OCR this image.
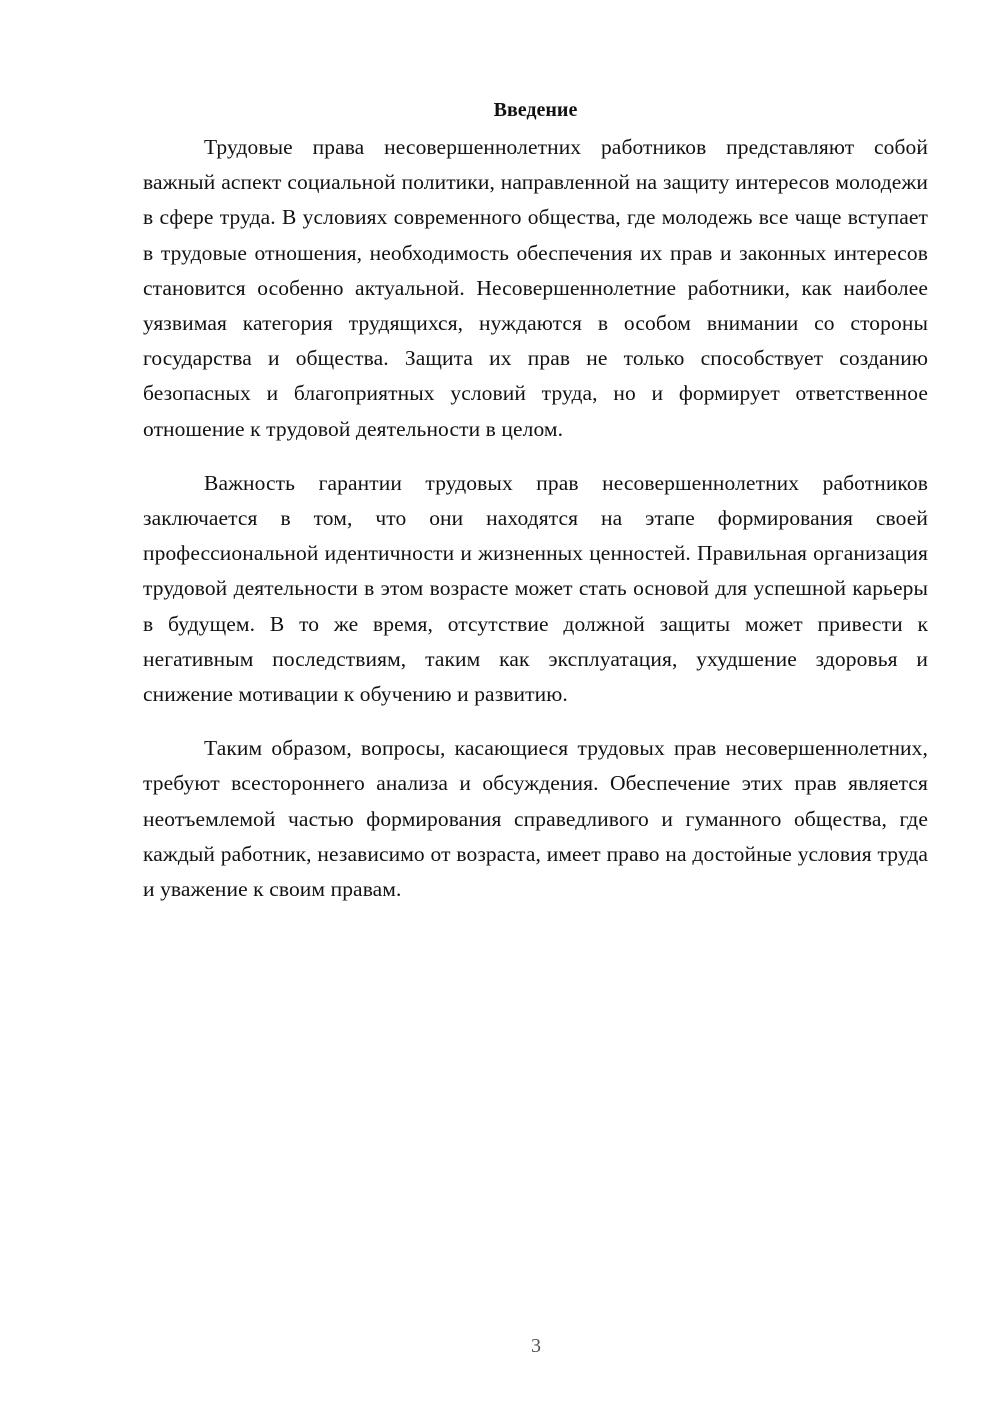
Введение

Трудовые права несовершеннолетних работников представляют собой важный аспект социальной политики, направленной на защиту интересов молодежи в сфере труда. В условиях современного общества, где молодежь все чаще вступает в трудовые отношения, необходимость обеспечения их прав и законных интересов становится особенно актуальной. Несовершеннолетние работники, как наиболее уязвимая категория трудящихся, нуждаются в особом внимании со стороны государства и общества. Защита их прав не только способствует созданию безопасных и благоприятных условий труда, но и формирует ответственное отношение к трудовой деятельности в целом.

Важность гарантии трудовых прав несовершеннолетних работников заключается в том, что они находятся на этапе формирования своей профессиональной идентичности и жизненных ценностей. Правильная организация трудовой деятельности в этом возрасте может стать основой для успешной карьеры в будущем. В то же время, отсутствие должной защиты может привести к негативным последствиям, таким как эксплуатация, ухудшение здоровья и снижение мотивации к обучению и развитию.

Таким образом, вопросы, касающиеся трудовых прав несовершеннолетних, требуют всестороннего анализа и обсуждения. Обеспечение этих прав является неотъемлемой частью формирования справедливого и гуманного общества, где каждый работник, независимо от возраста, имеет право на достойные условия труда и уважение к своим правам.

3
